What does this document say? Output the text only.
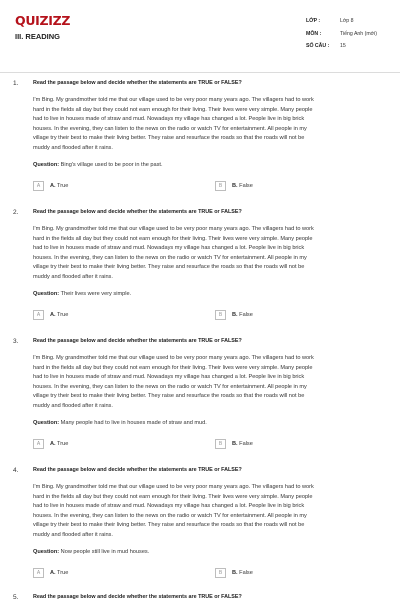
QUIZIZZ
III. READING
LỚP :	Lớp 8
MÔN :	Tiếng Anh (mới)
SỐ CÂU :	15
1.	Read the passage below and decide whether the statements are TRUE or FALSE?
I'm Bing. My grandmother told me that our village used to be very poor many years ago. The villagers had to work
hard in the fields all day but they could not earn enough for their living. Their lives were very simple. Many people
had to live in houses made of straw and mud. Nowadays my village has changed a lot. People live in big brick
houses. In the evening, they can listen to the news on the radio or watch TV for entertainment. All people in my
village try their best to make their living better. They raise and resurface the roads so that the roads will not be
muddy and flooded after it rains.
Question: Bing's village used to be poor in the past.
A	A. True	B	B. False
2.	Read the passage below and decide whether the statements are TRUE or FALSE?
I'm Bing. My grandmother told me that our village used to be very poor many years ago. The villagers had to work
hard in the fields all day but they could not earn enough for their living. Their lives were very simple. Many people
had to live in houses made of straw and mud. Nowadays my village has changed a lot. People live in big brick
houses. In the evening, they can listen to the news on the radio or watch TV for entertainment. All people in my
village try their best to make their living better. They raise and resurface the roads so that the roads will not be
muddy and flooded after it rains.
Question: Their lives were very simple.
A	A. True	B	B. False
3.	Read the passage below and decide whether the statements are TRUE or FALSE?
I'm Bing. My grandmother told me that our village used to be very poor many years ago. The villagers had to work
hard in the fields all day but they could not earn enough for their living. Their lives were very simple. Many people
had to live in houses made of straw and mud. Nowadays my village has changed a lot. People live in big brick
houses. In the evening, they can listen to the news on the radio or watch TV for entertainment. All people in my
village try their best to make their living better. They raise and resurface the roads so that the roads will not be
muddy and flooded after it rains.
Question: Many people had to live in houses made of straw and mud.
A	A. True	B	B. False
4.	Read the passage below and decide whether the statements are TRUE or FALSE?
I'm Bing. My grandmother told me that our village used to be very poor many years ago. The villagers had to work
hard in the fields all day but they could not earn enough for their living. Their lives were very simple. Many people
had to live in houses made of straw and mud. Nowadays my village has changed a lot. People live in big brick
houses. In the evening, they can listen to the news on the radio or watch TV for entertainment. All people in my
village try their best to make their living better. They raise and resurface the roads so that the roads will not be
muddy and flooded after it rains.
Question: Now people still live in mud houses.
A	A. True	B	B. False
5.	Read the passage below and decide whether the statements are TRUE or FALSE?
